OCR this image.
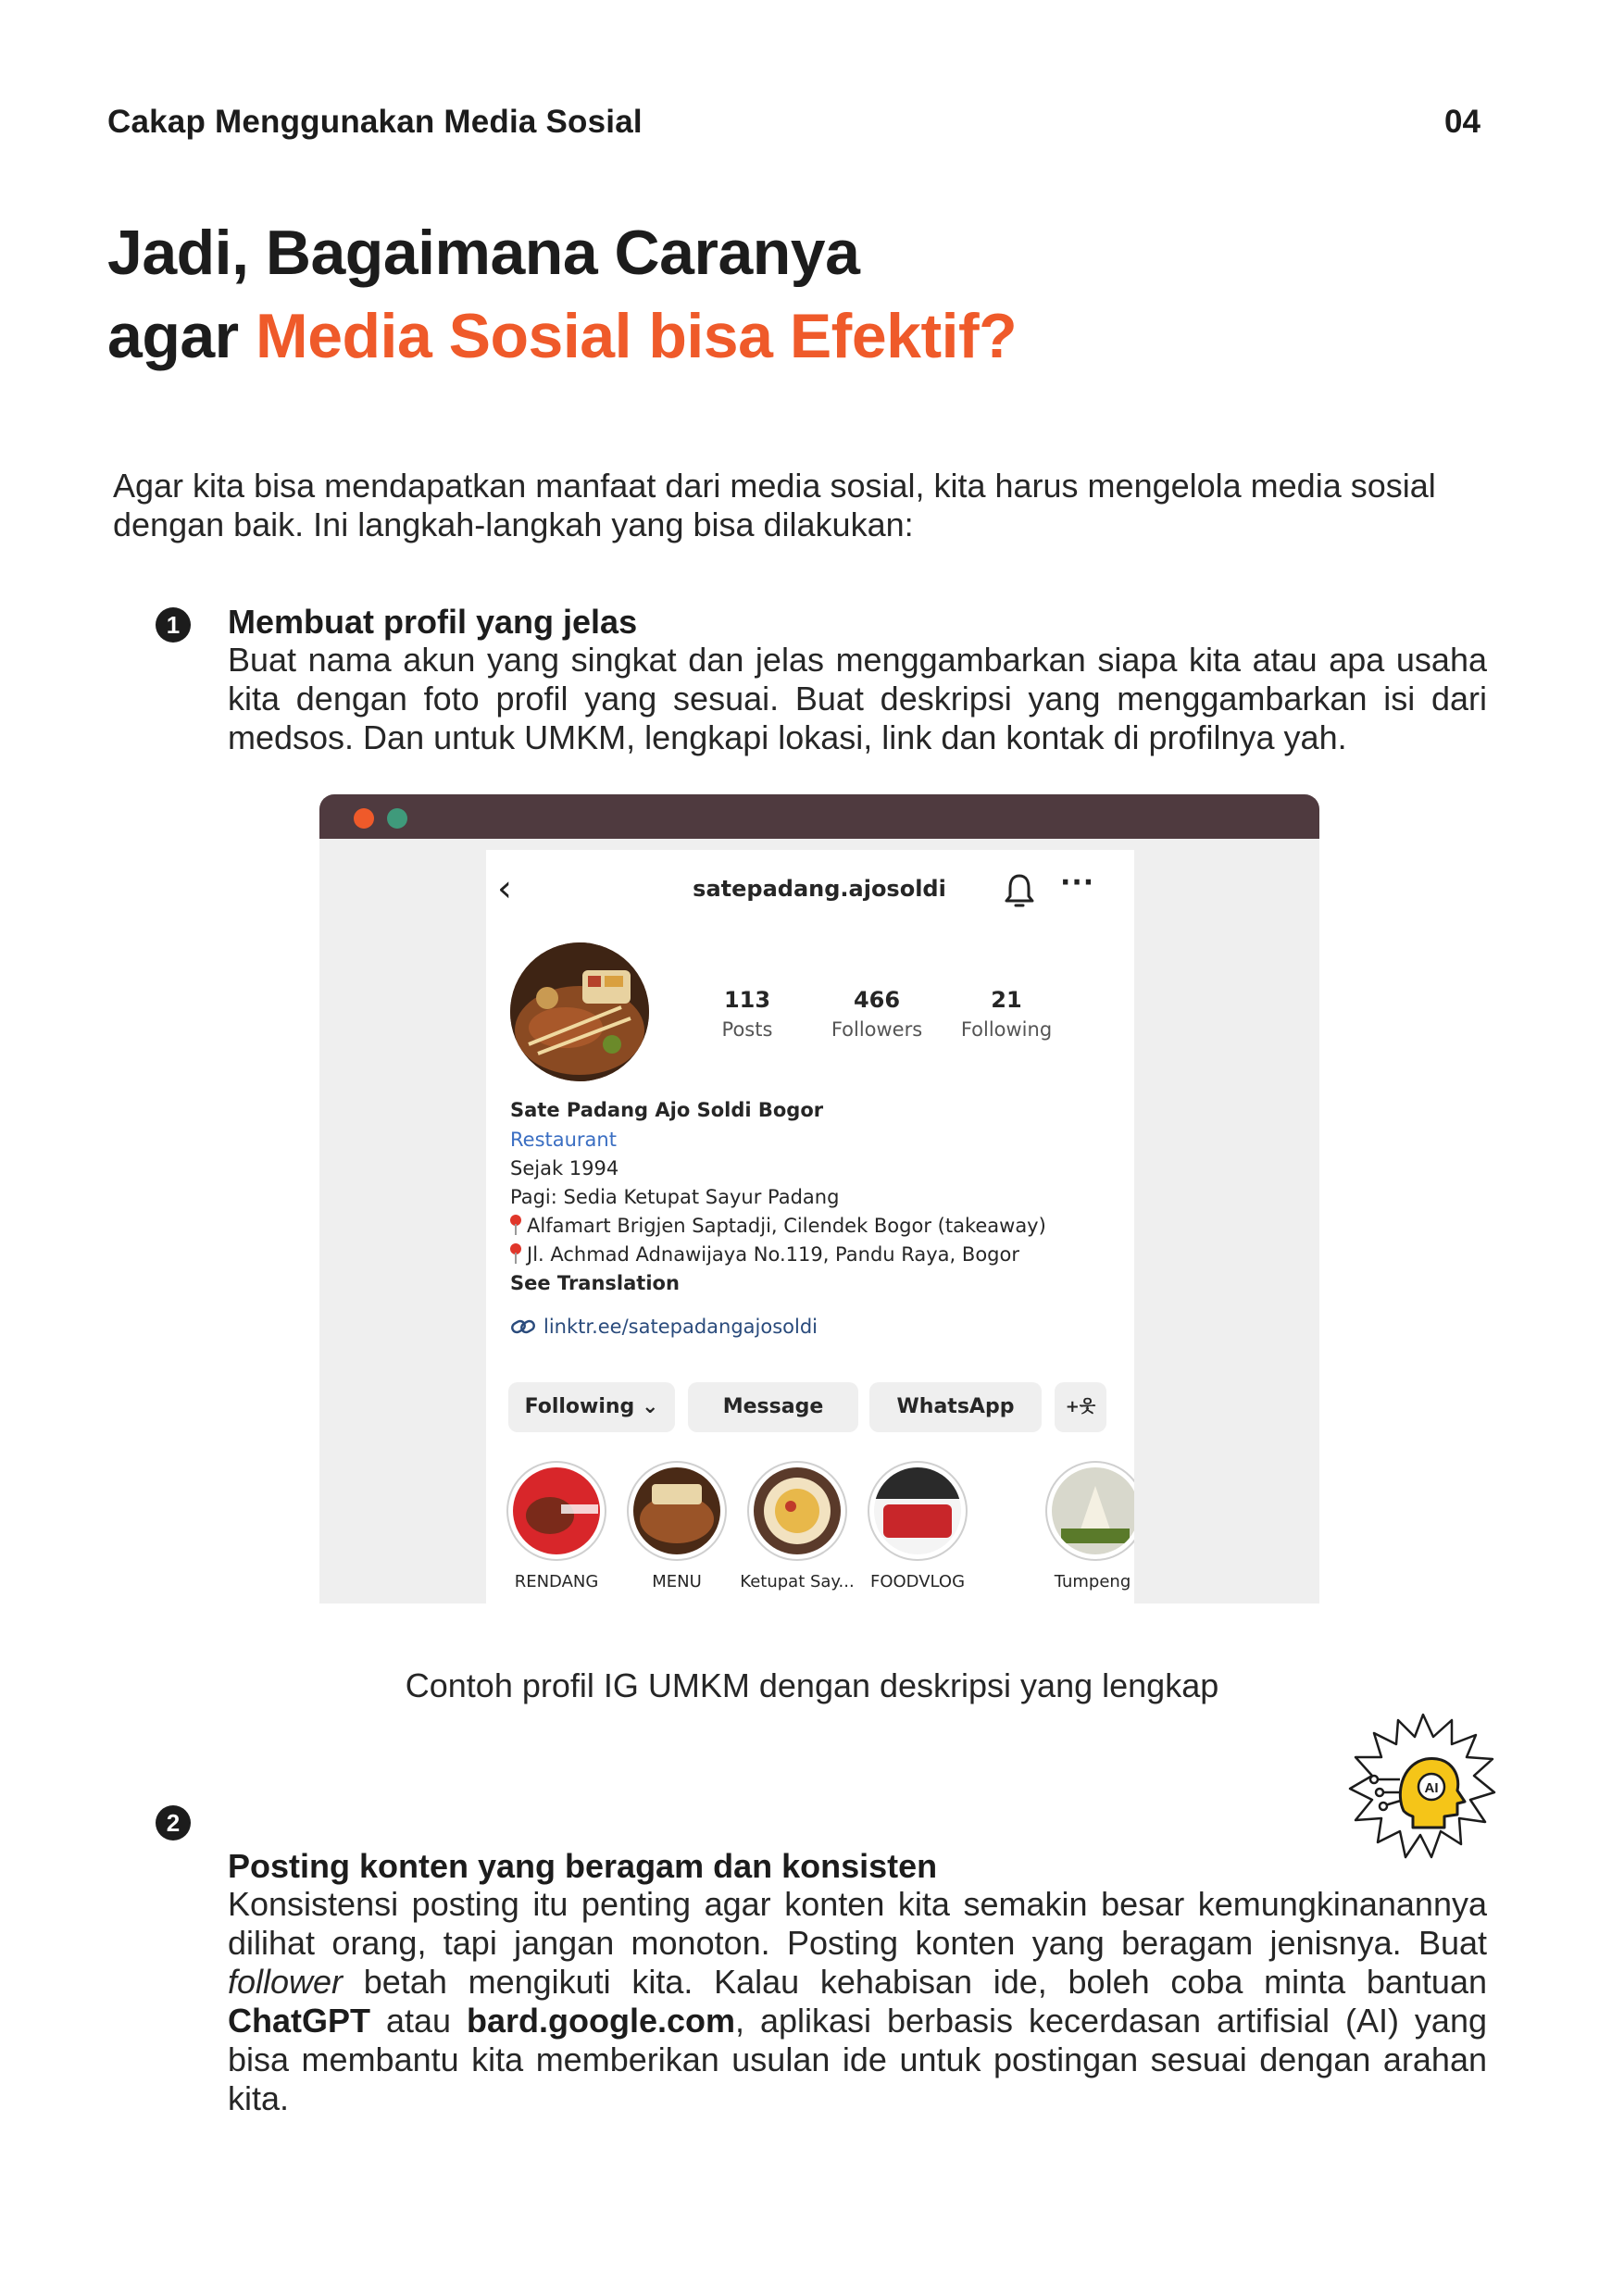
Cakap Menggunakan Media Sosial	04
Jadi, Bagaimana Caranya
agar Media Sosial bisa Efektif?

Agar kita bisa mendapatkan manfaat dari media sosial, kita harus mengelola media sosial dengan baik. Ini langkah-langkah yang bisa dilakukan:

1	Membuat profil yang jelas

Buat nama akun yang singkat dan jelas menggambarkan siapa kita atau apa usaha kita dengan foto profil yang sesuai. Buat deskripsi yang menggambarkan isi dari medsos. Dan untuk UMKM, lengkapi lokasi, link dan kontak di profilnya yah.

‹	satepadang.ajosoldi	···
113
Posts
466
Followers
21
Following
Sate Padang Ajo Soldi Bogor
Restaurant
Sejak 1994
Pagi: Sedia Ketupat Sayur Padang
Alfamart Brigjen Saptadji, Cilendek Bogor (takeaway)
Jl. Achmad Adnawijaya No.119, Pandu Raya, Bogor
See Translation
linktr.ee/satepadangajosoldi
Following ⌄	Message	WhatsApp	+⁠웃
RENDANG	MENU	Ketupat Say... FOODVLOG	Tumpeng
Contoh profil IG UMKM dengan deskripsi yang lengkap
AI
2
Posting konten yang beragam dan konsisten

Konsistensi posting itu penting agar konten kita semakin besar kemungkinanannya dilihat orang, tapi jangan monoton. Posting konten yang beragam jenisnya. Buat follower betah mengikuti kita. Kalau kehabisan ide, boleh coba minta bantuan ChatGPT atau bard.google.com, aplikasi berbasis kecerdasan artifisial (AI) yang bisa membantu kita memberikan usulan ide untuk postingan sesuai dengan arahan kita.
